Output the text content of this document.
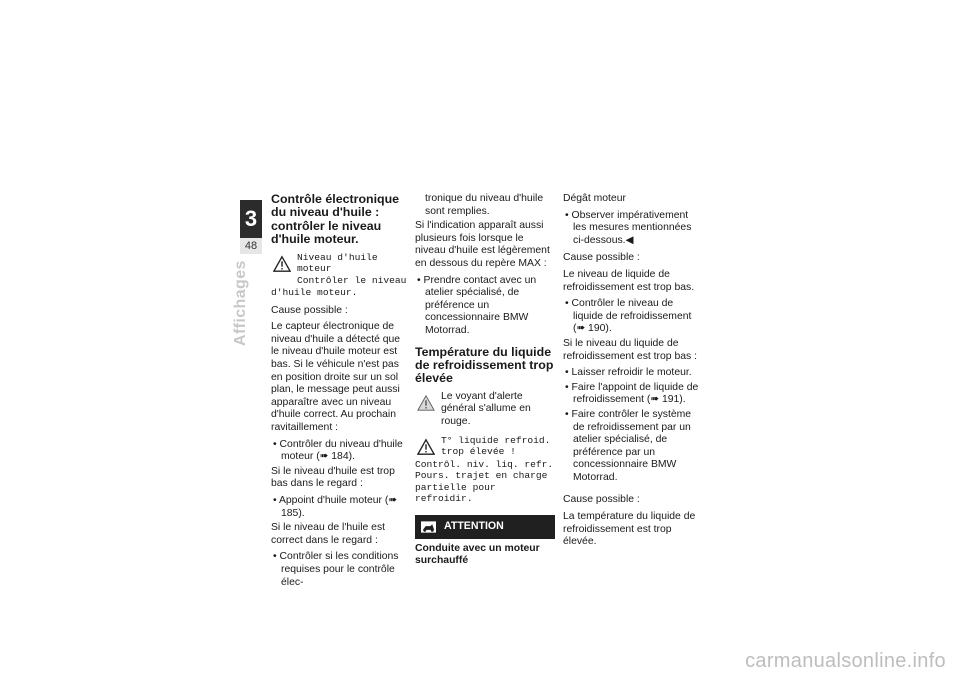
3
48
Affichages
Contrôle électronique du niveau d'huile : contrôler le niveau d'huile moteur.
Niveau d'huile moteur
Contrôler le niveau
d'huile moteur.

Cause possible :

Le capteur électronique de niveau d'huile a détecté que le niveau d'huile moteur est bas. Si le véhicule n'est pas en position droite sur un sol plan, le message peut aussi apparaître avec un niveau d'huile correct. Au prochain ravitaillement :

• Contrôler du niveau d'huile moteur (➠ 184).

Si le niveau d'huile est trop bas dans le regard :

• Appoint d'huile moteur (➠ 185).

Si le niveau de l'huile est correct dans le regard :

• Contrôler si les conditions requises pour le contrôle élec-
tronique du niveau d'huile sont remplies.

Si l'indication apparaît aussi plusieurs fois lorsque le niveau d'huile est légèrement en dessous du repère MAX :

• Prendre contact avec un atelier spécialisé, de préférence un concessionnaire BMW Motorrad.
Température du liquide de refroidissement trop élevée
Le voyant d'alerte général s'allume en rouge.
T° liquide refroid.
trop élevée !
Contrôl. niv. liq. refr.
Pours. trajet en charge
partielle pour refroidir.
ATTENTION
Conduite avec un moteur surchauffé

Dégât moteur

• Observer impérativement les mesures mentionnées ci-dessous.◀

Cause possible :

Le niveau de liquide de refroidissement est trop bas.

• Contrôler le niveau de liquide de refroidissement (➠ 190).

Si le niveau du liquide de refroidissement est trop bas :

• Laisser refroidir le moteur.
• Faire l'appoint de liquide de refroidissement (➠ 191).
• Faire contrôler le système de refroidissement par un atelier spécialisé, de préférence par un concessionnaire BMW Motorrad.

Cause possible :

La température du liquide de refroidissement est trop élevée.

carmanualsonline.info
